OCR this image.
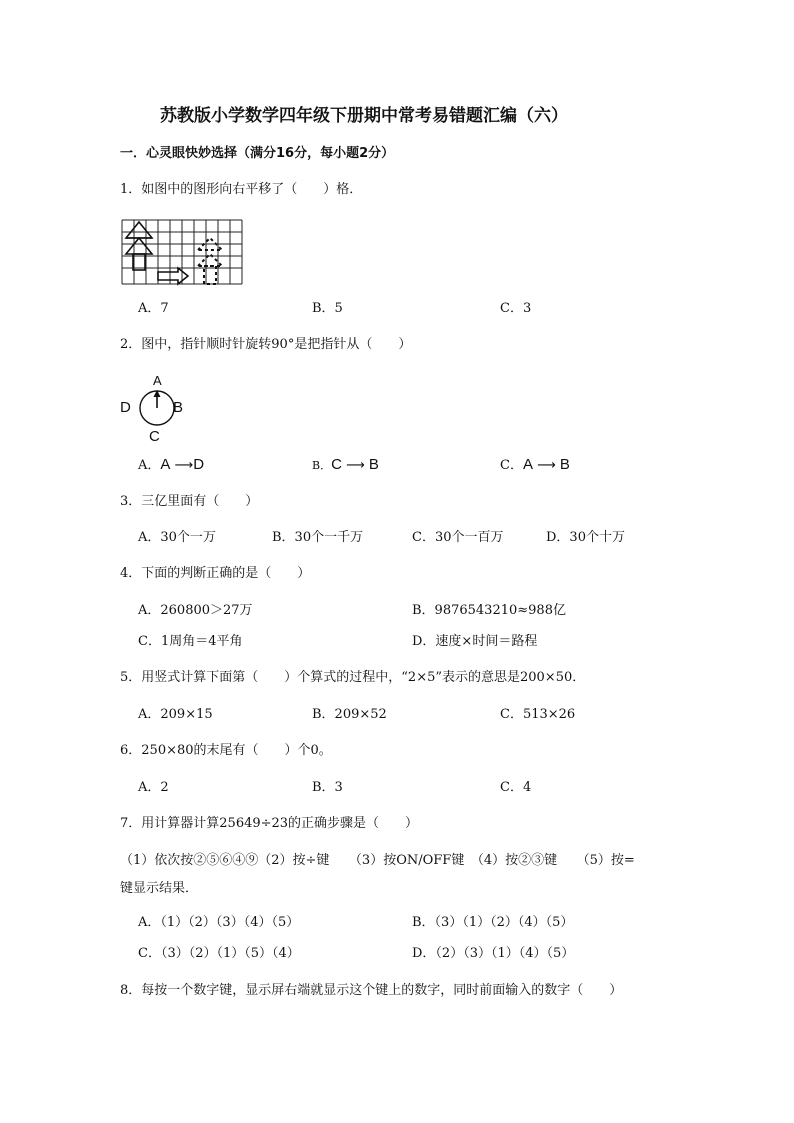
苏教版小学数学四年级下册期中常考易错题汇编（六）
一．心灵眼快妙选择（满分16分，每小题2分）
1．如图中的图形向右平移了（　　）格．
A．7	B．5	C．3
2．图中，指针顺时针旋转90°是把指针从（　　）
A
D	B
C
A．A ⟶D	B．C ⟶ B	C．A ⟶ B
3．三亿里面有（　　）
A．30个一万	B．30个一千万	C．30个一百万	D．30个十万
4．下面的判断正确的是（　　）
A．260800＞27万	B．9876543210≈988亿
C．1周角＝4平角	D．速度×时间＝路程
5．用竖式计算下面第（　　）个算式的过程中，“2×5”表示的意思是200×50．
A．209×15	B．209×52	C．513×26
6．250×80的末尾有（　　）个0。
A．2	B．3	C．4
7．用计算器计算25649÷23的正确步骤是（　　）
（1）依次按②⑤⑥④⑨（2）按÷键　　（3）按ON/OFF键　（4）按②③键　　（5）按=
键显示结果．
A．（1）（2）（3）（4）（5）	B．（3）（1）（2）（4）（5）
C．（3）（2）（1）（5）（4）	D．（2）（3）（1）（4）（5）
8．每按一个数字键，显示屏右端就显示这个键上的数字，同时前面输入的数字（　　）
